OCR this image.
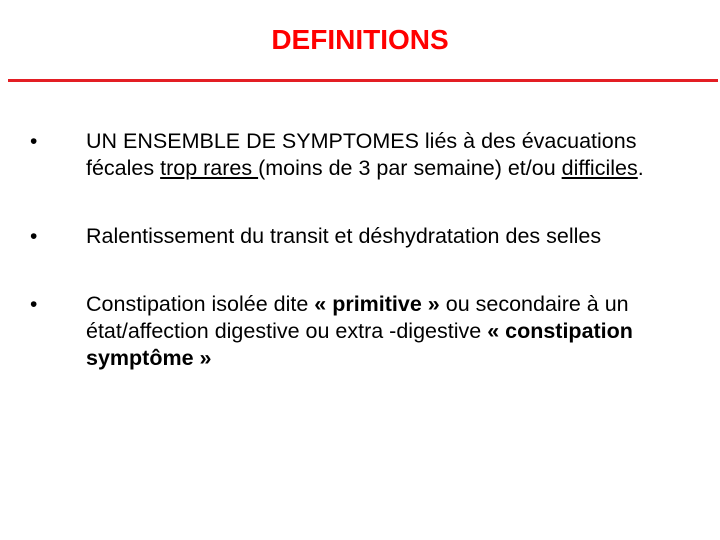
DEFINITIONS
•	UN ENSEMBLE DE SYMPTOMES liés à des évacuations fécales trop rares (moins de 3 par semaine) et/ou difficiles.
•	Ralentissement du transit et déshydratation des selles
•	Constipation isolée dite « primitive » ou secondaire à un état/affection digestive ou extra -digestive « constipation symptôme »
